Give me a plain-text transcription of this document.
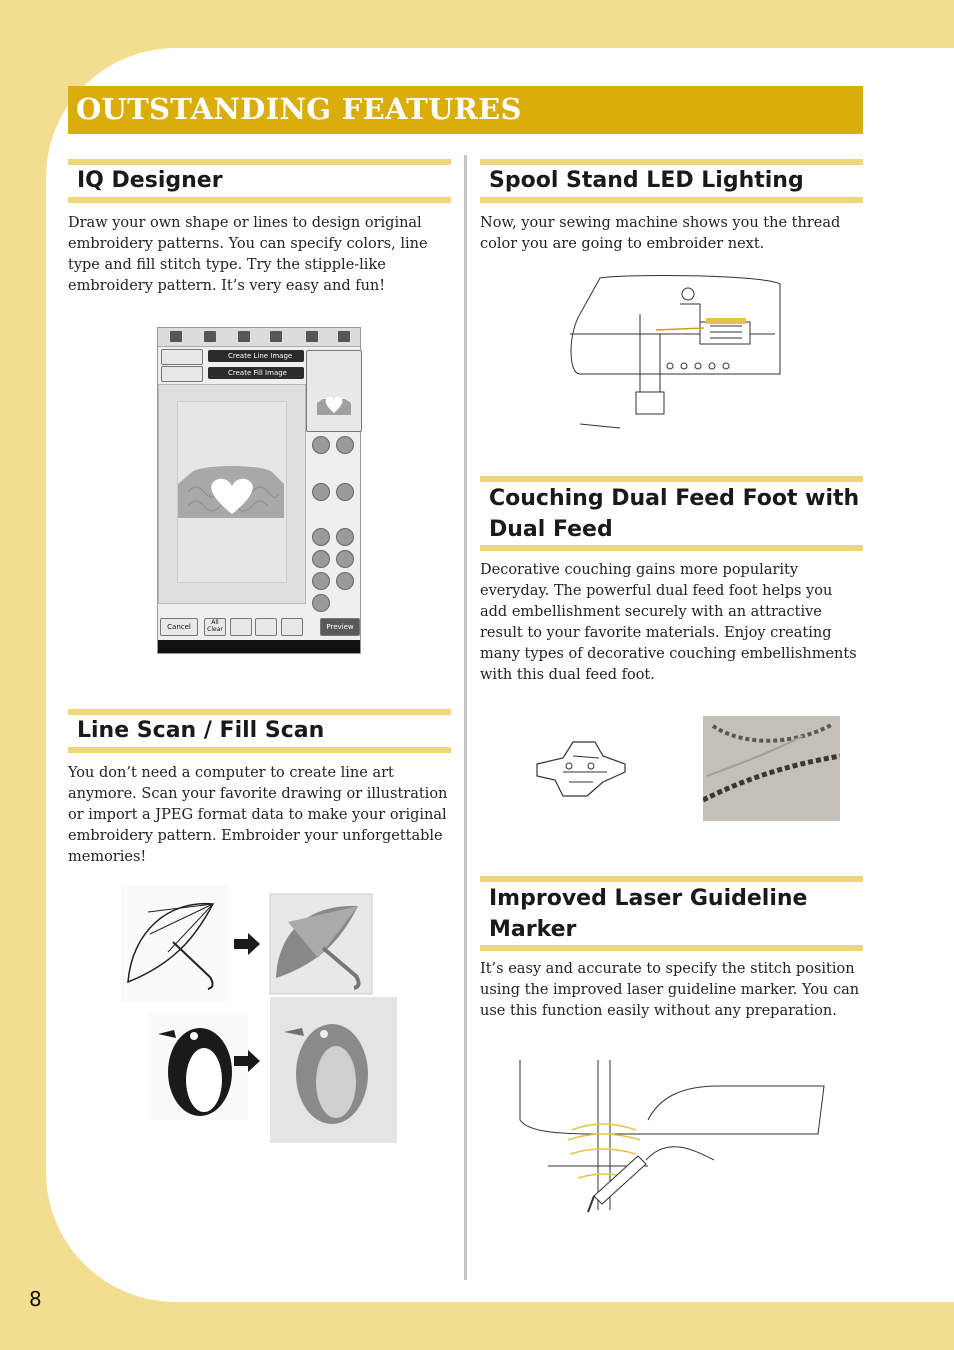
OUTSTANDING FEATURES
IQ Designer

Draw your own shape or lines to design original embroidery patterns. You can specify colors, line type and fill stitch type. Try the stipple-like embroidery pattern. It’s very easy and fun!

Create Line Image
Create Fill Image
Cancel
All
Clear	Preview
Line Scan / Fill Scan

You don’t need a computer to create line art anymore. Scan your favorite drawing or illustration or import a JPEG format data to make your original embroidery pattern. Embroider your unforgettable memories!

Spool Stand LED Lighting

Now, your sewing machine shows you the thread color you are going to embroider next.

Couching Dual Feed Foot with
Dual Feed

Decorative couching gains more popularity everyday. The powerful dual feed foot helps you add embellishment securely with an attractive result to your favorite materials. Enjoy creating many types of decorative couching embellishments with this dual feed foot.

Improved Laser Guideline
Marker

It’s easy and accurate to specify the stitch position using the improved laser guideline marker. You can use this function easily without any preparation.

8
